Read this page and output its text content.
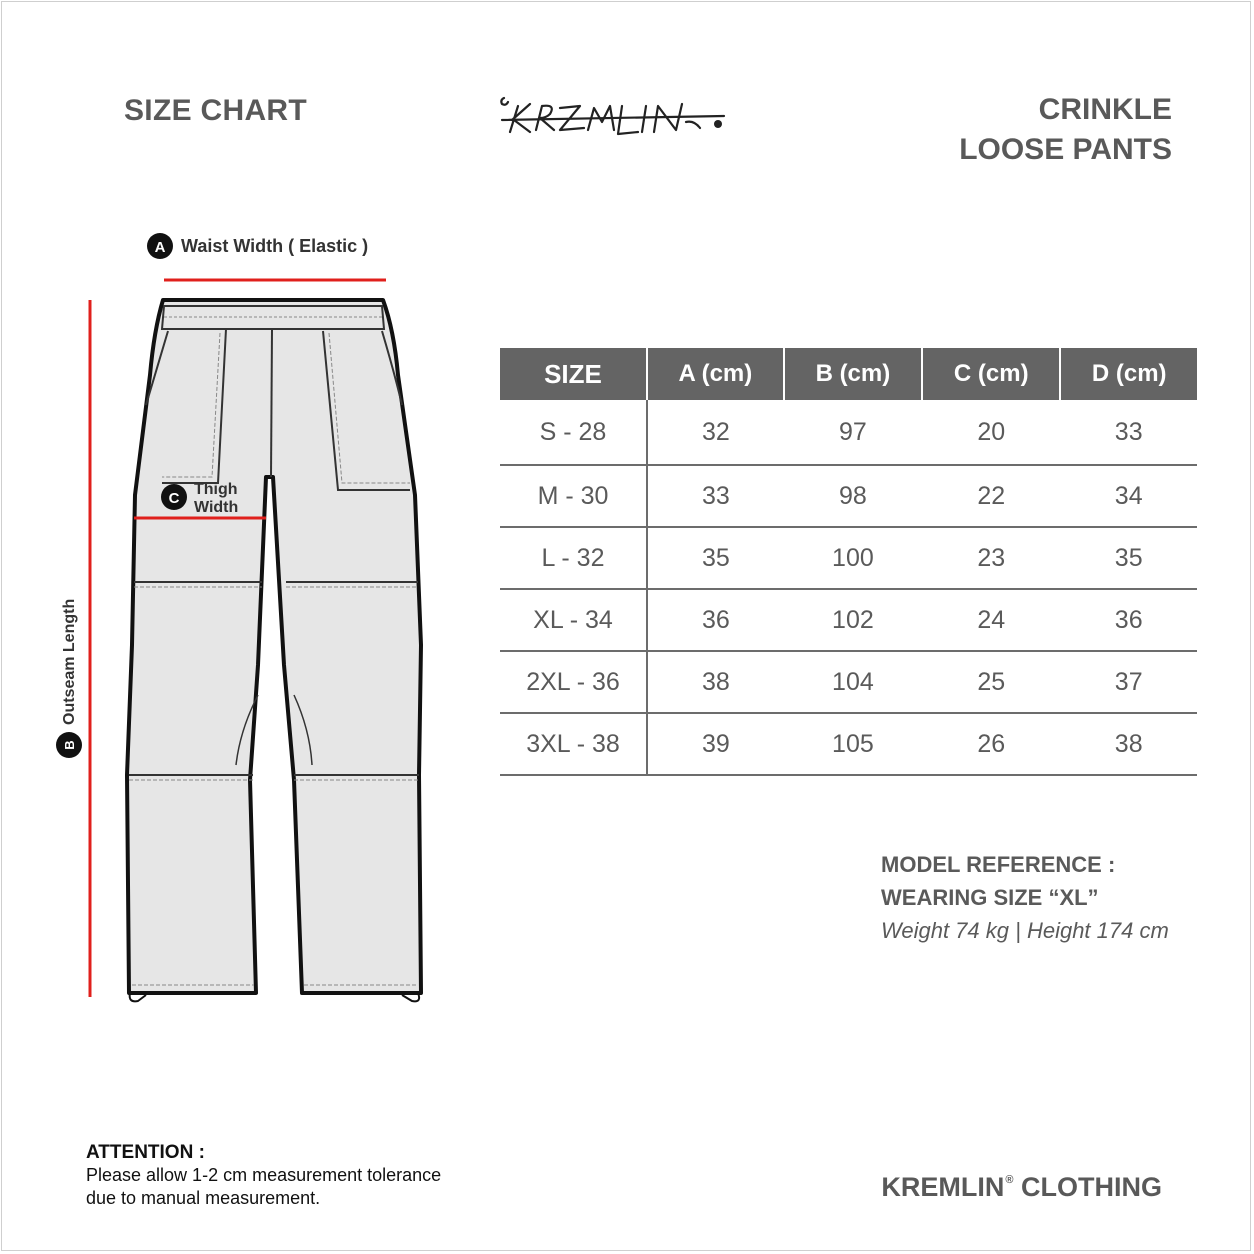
SIZE CHART	CRINKLE
LOOSE PANTS
A Waist Width ( Elastic )
B
Outseam Length
C
Thigh
Width
SIZE	A (cm)	B (cm)	C (cm)	D (cm)
S - 28	32	97	20	33
M - 30	33	98	22	34
L - 32	35	100	23	35
XL - 34	36	102	24	36
2XL - 36	38	104	25	37
3XL - 38	39	105	26	38
MODEL REFERENCE :
WEARING SIZE “XL”
Weight 74 kg | Height 174 cm
ATTENTION :
Please allow 1-2 cm measurement tolerance
due to manual measurement.	KREMLIN® CLOTHING
